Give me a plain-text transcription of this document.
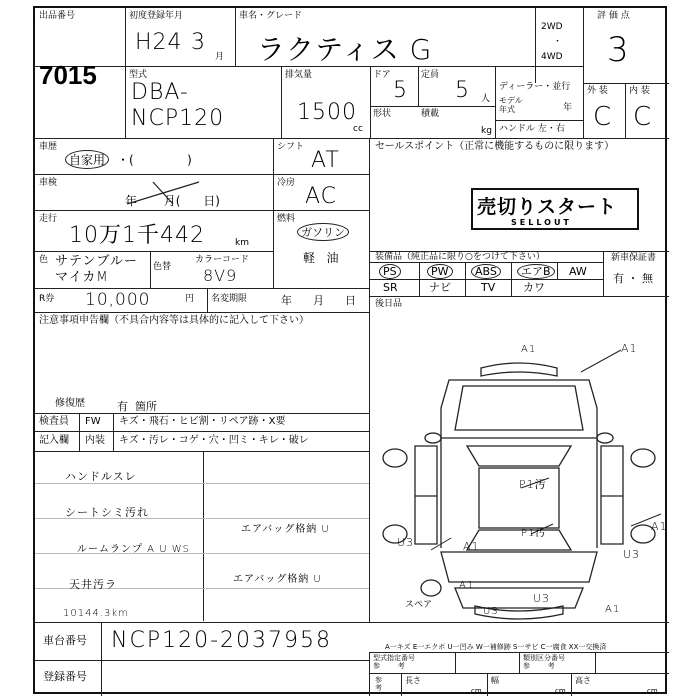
出品番号
7015
初度登録年月
H24 3
月
車名・グレード
ラクティス G
2WD
・
4WD
評 価 点
3
型式
DBA-
NCP120
排気量
1500
cc
ドア
5
定員
5 人
形状	積載
kg
ディーラー・並行
モデル
年式	年
ハンドル 左・右
外 装 内 装
C C
車歴
自家用 ・(              )
車検
年       月(      日)
走行
10万1千442	km
色 サテンブルー
マイカM
色替
カラーコード
8V9
シフト
AT
冷房
AC
燃料
ガソリン
軽   油
R券 10,000	円 名変期限	年      月      日
セールスポイント（正常に機能するものに限ります）
売切りスタート
SELLOUT
装備品（純正品に限り○をつけて下さい）	新車保証書
有 ・ 無
PS	PW	ABS	エアB	AW
SR	ナビ	TV	カワ
後日品
注意事項申告欄（不具合内容等は具体的に記入して下さい）
修復歴	有  箇所
検査員
記入欄
FW キズ・飛石・ヒビ割・リペア跡・X要
内装 キズ・汚レ・コゲ・穴・凹ミ・キレ・破レ
ハンドルスレ
シートシミ汚れ
ルームランプ A U WS
天井汚ラ
10144.3km
エアバッグ格納 U
エアバッグ格納 U
A1
A1
P1汚
U3	A1
A1
P1汚
U3
U3
U3
A1
A1
スペア
A一キズ E一エクボ U一凹み W一補修跡 S一サビ C一腐食 XX一交換済
車台番号 NCP120-2037958
登録番号
型式指定番号
参        考
類別区分番号
参        考
参
考
長さ
cm
幅
cm
高さ
cm
